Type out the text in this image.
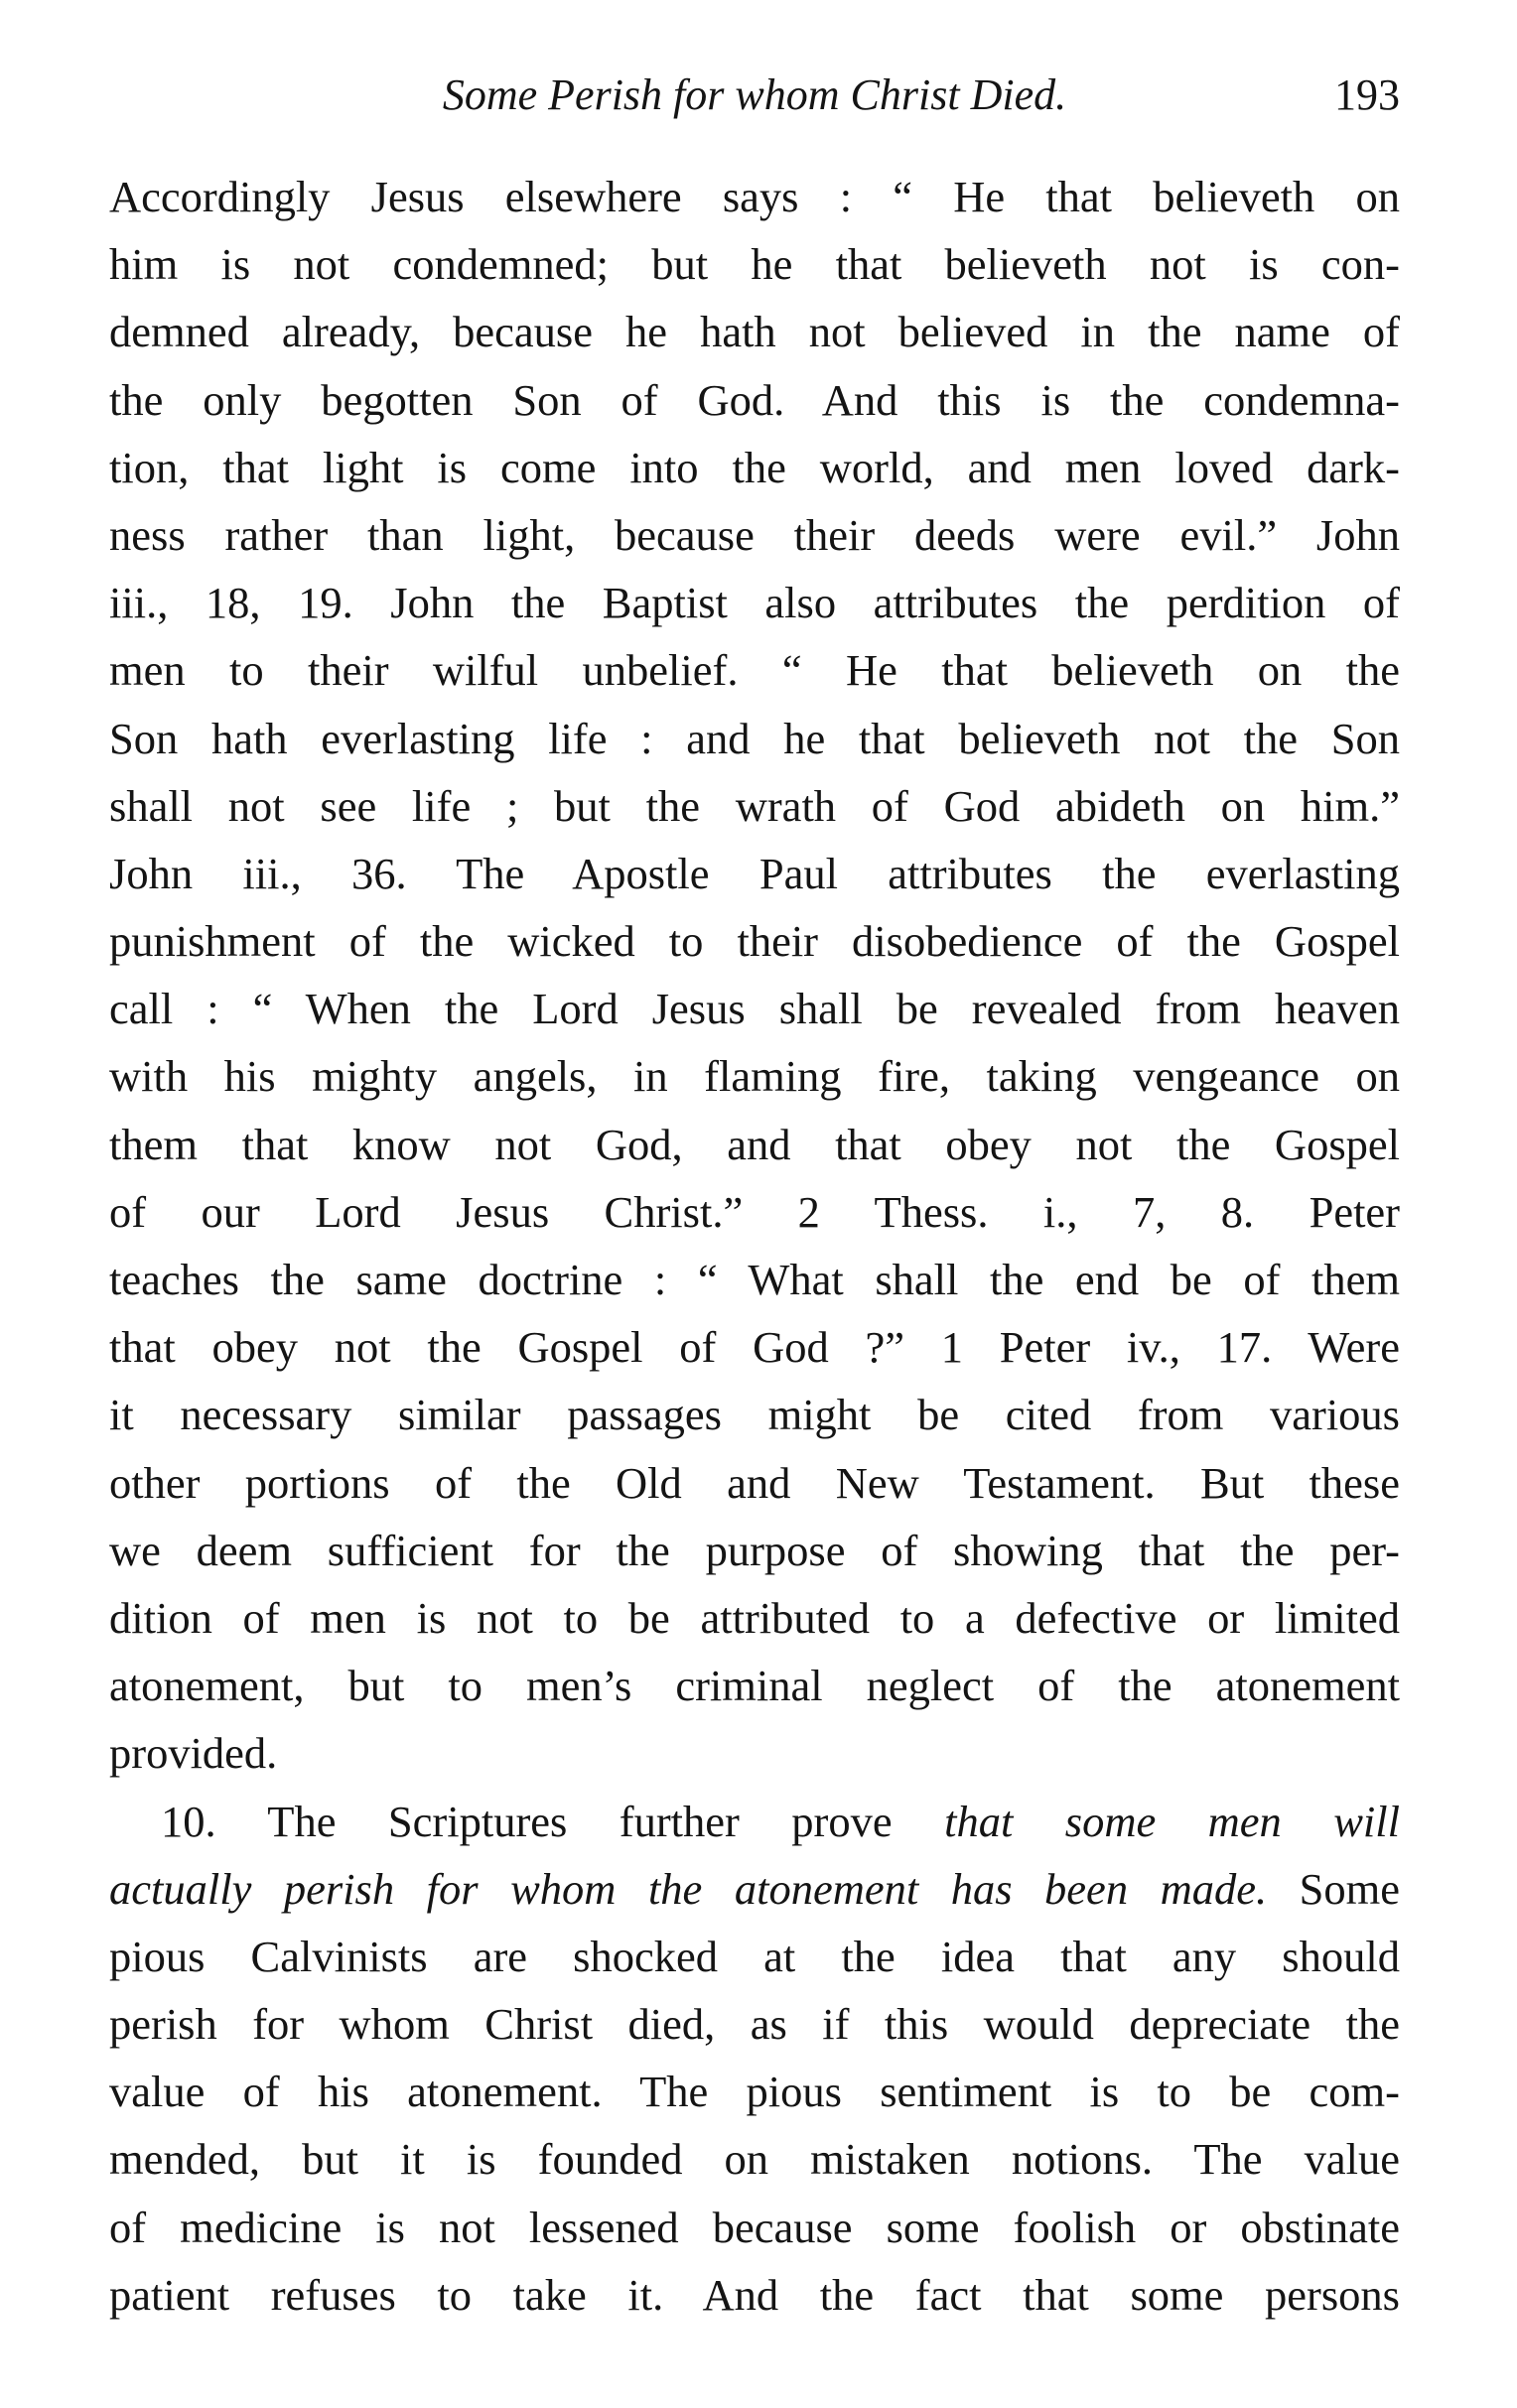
Some Perish for whom Christ Died.	193
Accordingly Jesus elsewhere says : “ He that believeth on
him is not condemned; but he that believeth not is con-
demned already, because he hath not believed in the name of
the only begotten Son of God. And this is the condemna-
tion, that light is come into the world, and men loved dark-
ness rather than light, because their deeds were evil.” John
iii., 18, 19. John the Baptist also attributes the perdition of
men to their wilful unbelief. “ He that believeth on the
Son hath everlasting life : and he that believeth not the Son
shall not see life ; but the wrath of God abideth on him.”
John iii., 36. The Apostle Paul attributes the everlasting
punishment of the wicked to their disobedience of the Gospel
call : “ When the Lord Jesus shall be revealed from heaven
with his mighty angels, in flaming fire, taking vengeance on
them that know not God, and that obey not the Gospel
of our Lord Jesus Christ.” 2 Thess. i., 7, 8. Peter
teaches the same doctrine : “ What shall the end be of them
that obey not the Gospel of God ?” 1 Peter iv., 17. Were
it necessary similar passages might be cited from various
other portions of the Old and New Testament. But these
we deem sufficient for the purpose of showing that the per-
dition of men is not to be attributed to a defective or limited
atonement, but to men’s criminal neglect of the atonement
provided.
10. The Scriptures further prove that some men will
actually perish for whom the atonement has been made. Some
pious Calvinists are shocked at the idea that any should
perish for whom Christ died, as if this would depreciate the
value of his atonement. The pious sentiment is to be com-
mended, but it is founded on mistaken notions. The value
of medicine is not lessened because some foolish or obstinate
patient refuses to take it. And the fact that some persons
